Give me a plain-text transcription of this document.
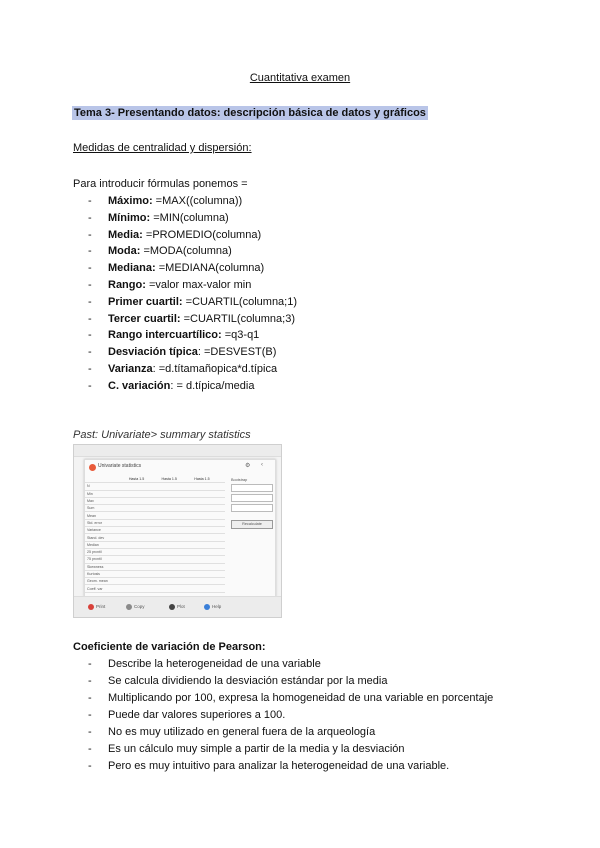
Cuantitativa examen
Tema 3- Presentando datos: descripción básica de datos y gráficos
Medidas de centralidad y dispersión:
Para introducir fórmulas ponemos =
- Máximo: =MAX((columna))
- Mínimo: =MIN(columna)
- Media: =PROMEDIO(columna)
- Moda: =MODA(columna)
- Mediana: =MEDIANA(columna)
- Rango: =valor max-valor min
- Primer cuartil: =CUARTIL(columna;1)
- Tercer cuartil: =CUARTIL(columna;3)
- Rango intercuartílico: =q3-q1
- Desviación típica: =DESVEST(B)
- Varianza: =d.títamañopica*d.típica
- C. variación: = d.típica/media
Past: Univariate> summary statistics
Univariate statistics	⚙ ‹
	Hasta 1.5	Hasta 1.5	Hasta 1.5
N			
Min			
Max			
Sum			
Mean			
Std. error			
Variance			
Stand. dev			
Median			
25 prcntil			
75 prcntil			
Skewness			
Kurtosis			
Geom. mean			
Coeff. var			
Bootstrap
Recalculate
Print	Copy	Plot	Help
Coeficiente de variación de Pearson:
- Describe la heterogeneidad de una variable
- Se calcula dividiendo la desviación estándar por la media
- Multiplicando por 100, expresa la homogeneidad de una variable en porcentaje
- Puede dar valores superiores a 100.
- No es muy utilizado en general fuera de la arqueología
- Es un cálculo muy simple a partir de la media y la desviación
- Pero es muy intuitivo para analizar la heterogeneidad de una variable.
